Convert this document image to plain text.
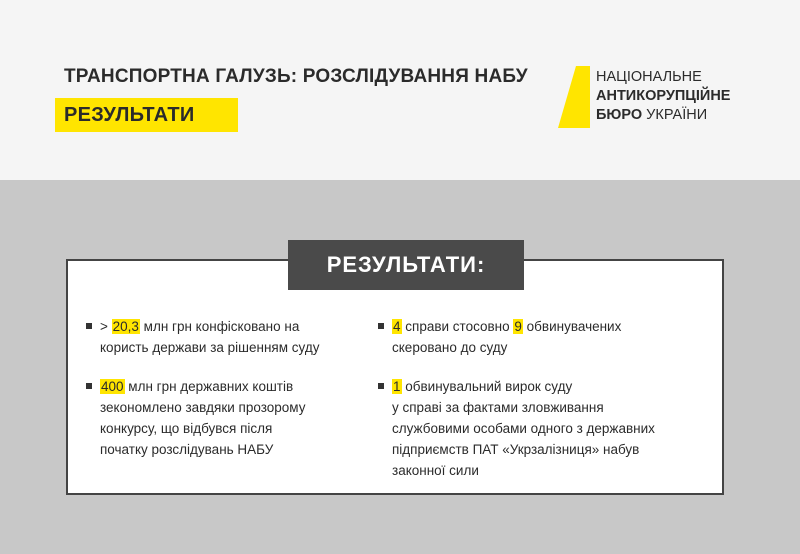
ТРАНСПОРТНА ГАЛУЗЬ: РОЗСЛІДУВАННЯ НАБУ
РЕЗУЛЬТАТИ
НАЦІОНАЛЬНЕ
АНТИКОРУПЦІЙНЕ
БЮРО УКРАЇНИ
РЕЗУЛЬТАТИ:
> 20,3 млн грн конфісковано на
користь держави за рішенням суду
400 млн грн державних коштів
зекономлено завдяки прозорому
конкурсу, що відбувся після
початку розслідувань НАБУ
4 справи стосовно 9 обвинувачених
скеровано до суду
1 обвинувальний вирок суду
у справі за фактами зловживання
службовими особами одного з державних
підприємств ПАТ «Укрзалізниця» набув
законної сили
